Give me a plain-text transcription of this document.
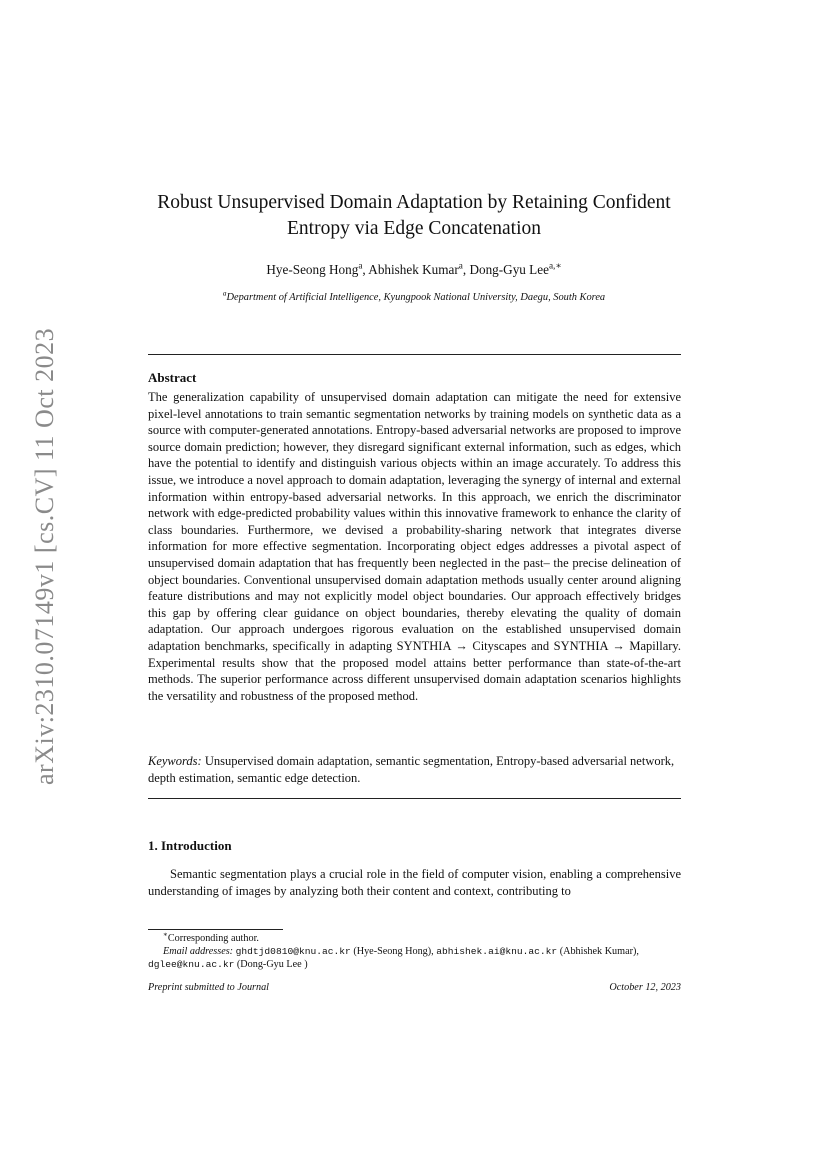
arXiv:2310.07149v1 [cs.CV] 11 Oct 2023
Robust Unsupervised Domain Adaptation by Retaining Confident Entropy via Edge Concatenation
Hye-Seong Hong$^a$, Abhishek Kumar$^a$, Dong-Gyu Lee$^{a,∗}$
$^a$Department of Artificial Intelligence, Kyungpook National University, Daegu, South Korea
Abstract
The generalization capability of unsupervised domain adaptation can mitigate the need for extensive pixel-level annotations to train semantic segmentation networks by training models on synthetic data as a source with computer-generated annotations. Entropy-based adversarial networks are proposed to improve source domain prediction; however, they disregard significant external information, such as edges, which have the potential to identify and distinguish various objects within an image accurately. To address this issue, we introduce a novel approach to domain adaptation, leveraging the synergy of internal and external information within entropy-based adversarial networks. In this approach, we enrich the discriminator network with edge-predicted probability values within this innovative framework to enhance the clarity of class boundaries. Furthermore, we devised a probability-sharing network that integrates diverse information for more effective segmentation. Incorporating object edges addresses a pivotal aspect of unsupervised domain adaptation that has frequently been neglected in the past– the precise delineation of object boundaries. Conventional unsupervised domain adaptation methods usually center around aligning feature distributions and may not explicitly model object boundaries. Our approach effectively bridges this gap by offering clear guidance on object boundaries, thereby elevating the quality of domain adaptation. Our approach undergoes rigorous evaluation on the established unsupervised domain adaptation benchmarks, specifically in adapting SYNTHIA → Cityscapes and SYNTHIA → Mapillary. Experimental results show that the proposed model attains better performance than state-of-the-art methods. The superior performance across different unsupervised domain adaptation scenarios highlights the versatility and robustness of the proposed method.
Keywords: Unsupervised domain adaptation, semantic segmentation, Entropy-based adversarial network, depth estimation, semantic edge detection.
1. Introduction
Semantic segmentation plays a crucial role in the field of computer vision, enabling a comprehensive understanding of images by analyzing both their content and context, contributing to
∗Corresponding author.
Email addresses: ghdtjd0810@knu.ac.kr (Hye-Seong Hong), abhishek.ai@knu.ac.kr (Abhishek Kumar),
dglee@knu.ac.kr (Dong-Gyu Lee )
Preprint submitted to Journal	October 12, 2023
